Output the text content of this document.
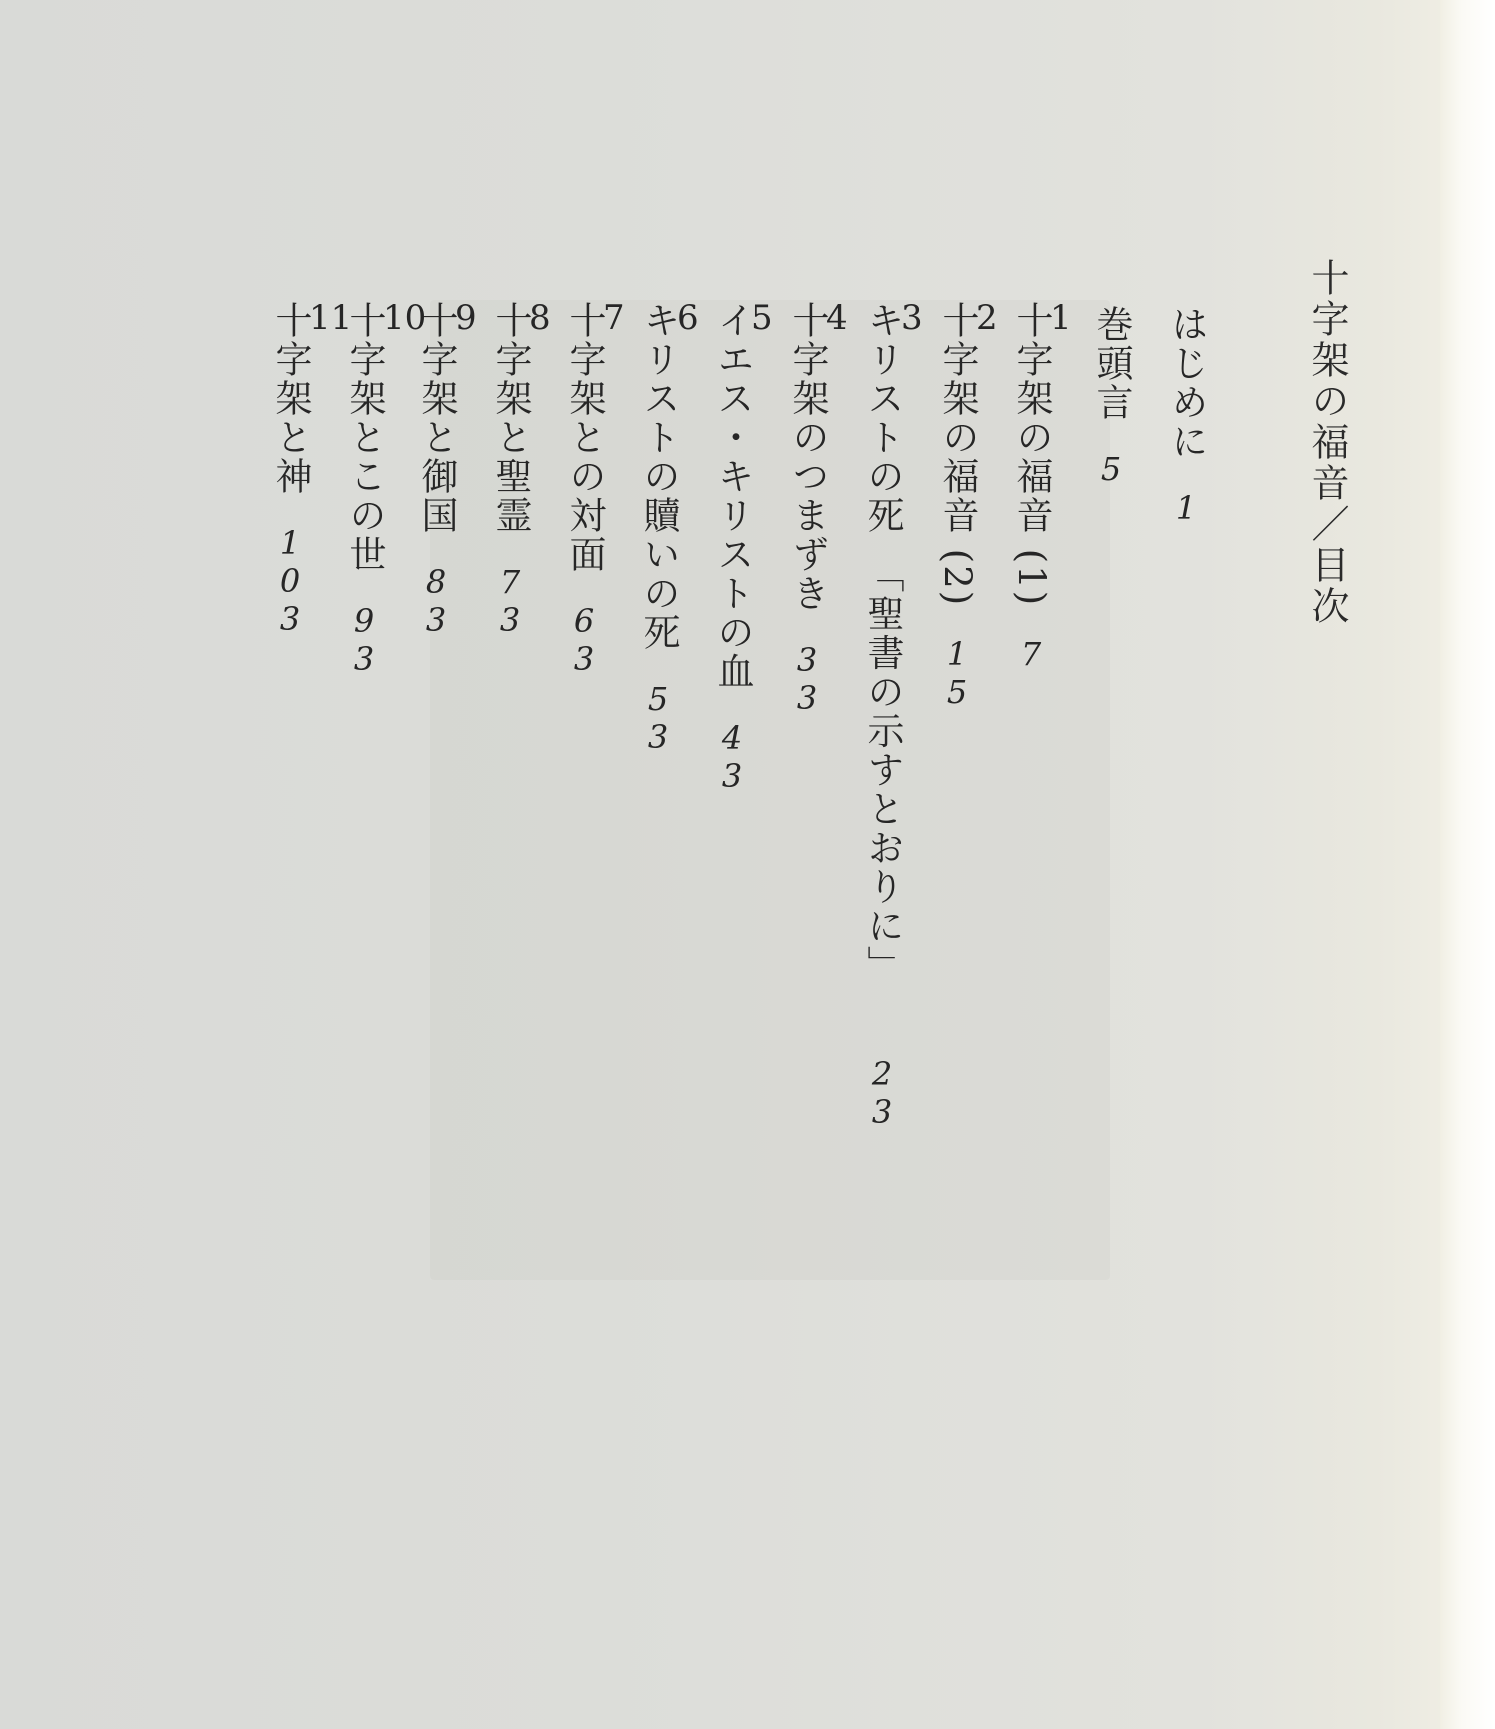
十字架の福音／目次
はじめに1
巻頭言5
1
十字架の福音 (1)7
2
十字架の福音 (2)15
3
キリストの死　「聖書の示すとおりに」23
4
十字架のつまずき33
5
イエス・キリストの血43
6
キリストの贖いの死53
7
十字架との対面63
8
十字架と聖霊73
9
十字架と御国83
10
十字架とこの世93
11
十字架と神103
